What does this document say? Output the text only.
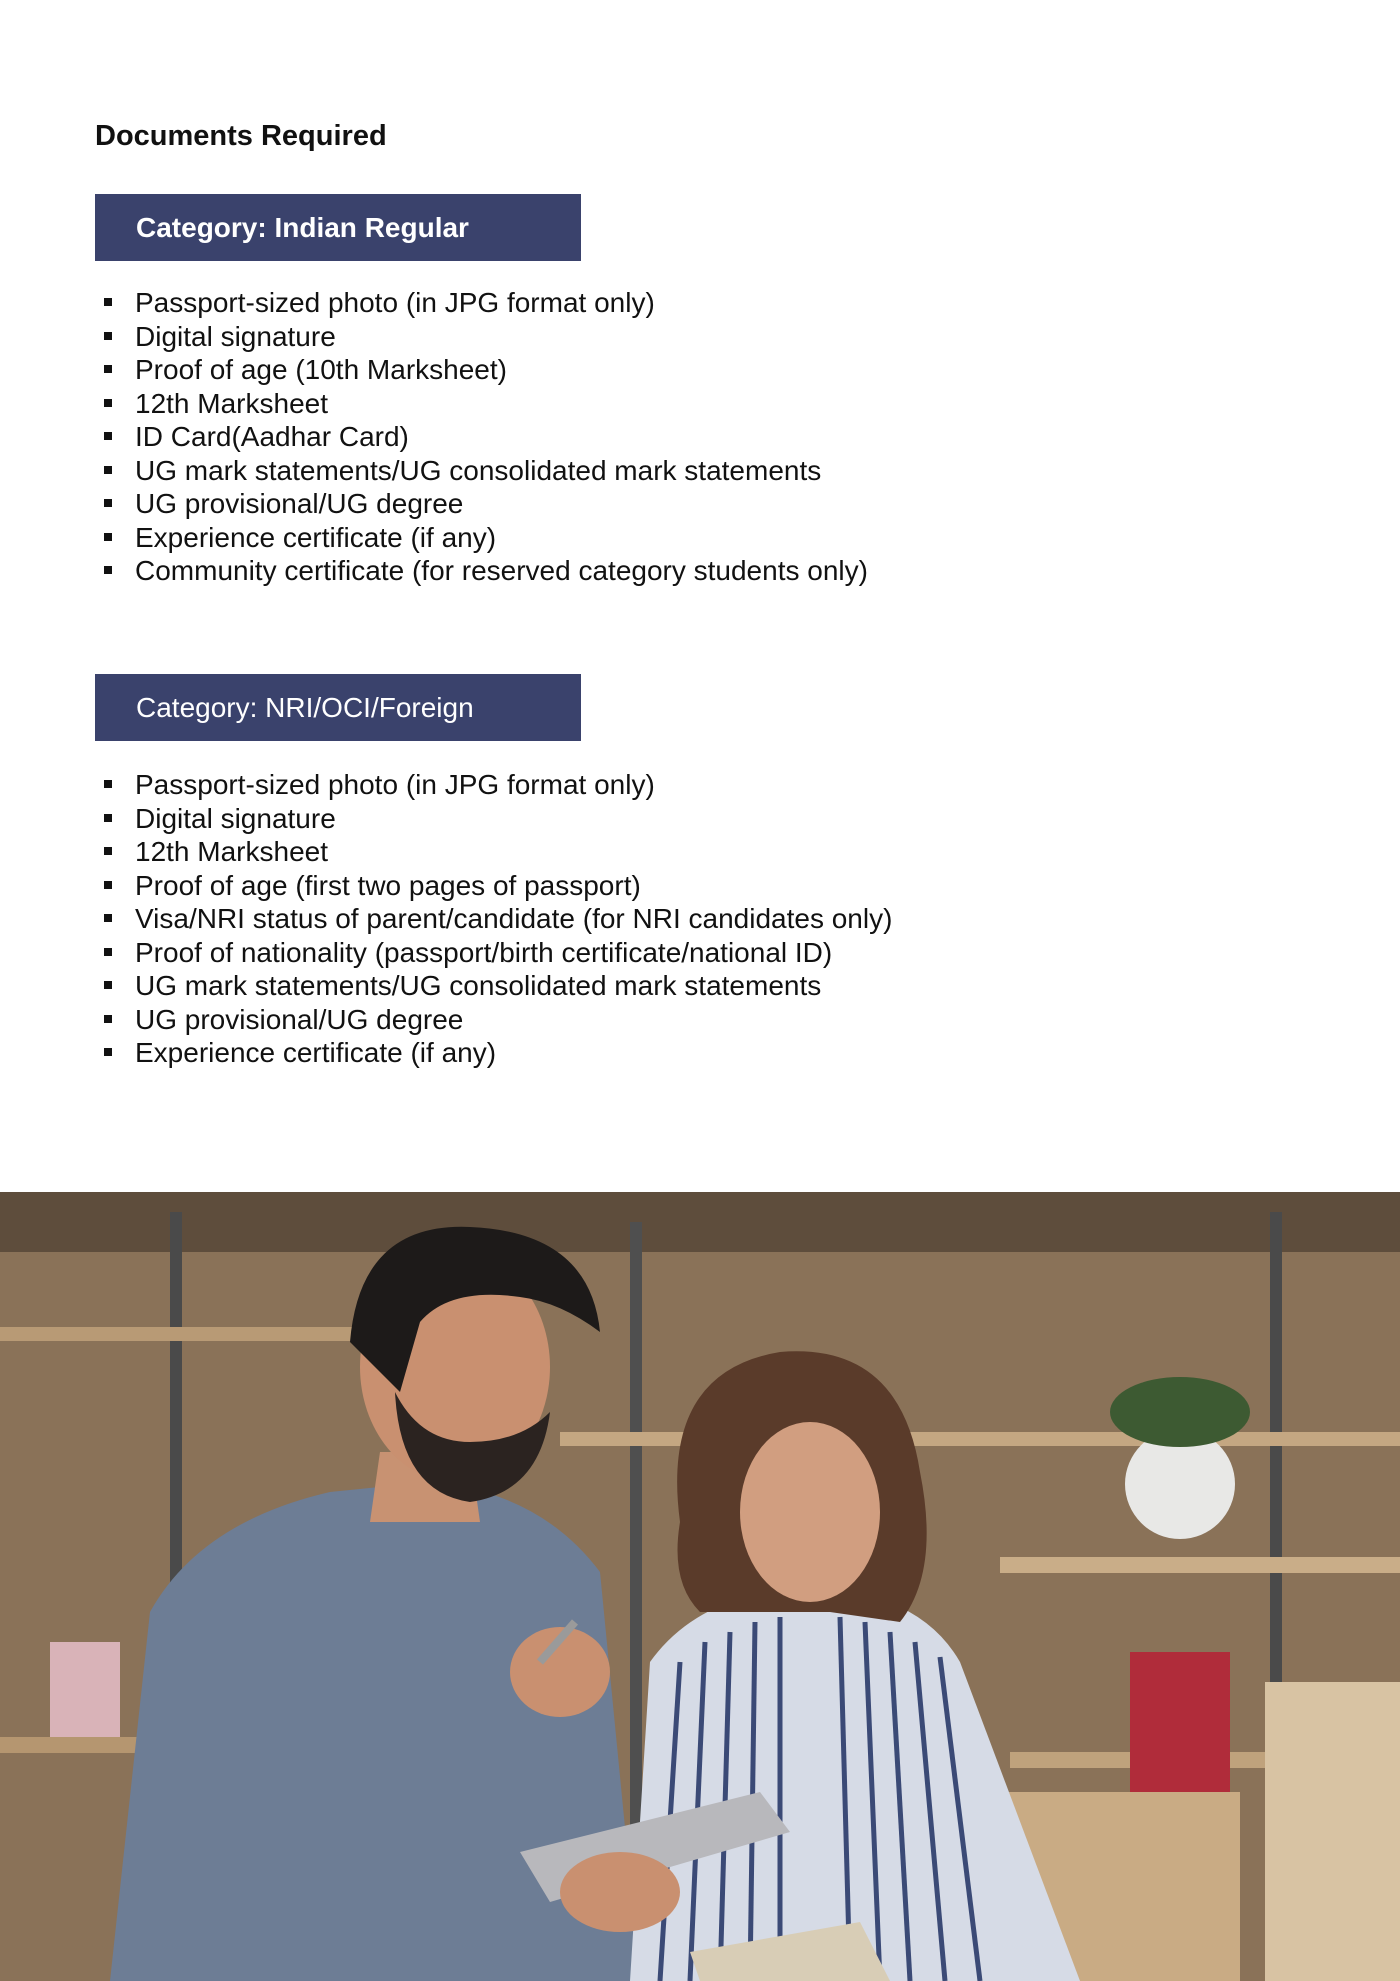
Documents Required
Category: Indian Regular
Passport-sized photo (in JPG format only)
Digital signature
Proof of age (10th Marksheet)
12th Marksheet
ID Card(Aadhar Card)
UG mark statements/UG consolidated mark statements
UG provisional/UG degree
Experience certificate (if any)
Community certificate (for reserved category students only)
Category: NRI/OCI/Foreign
Passport-sized photo (in JPG format only)
Digital signature
12th Marksheet
Proof of age (first two pages of passport)
Visa/NRI status of parent/candidate (for NRI candidates only)
Proof of nationality (passport/birth certificate/national ID)
UG mark statements/UG consolidated mark statements
UG provisional/UG degree
Experience certificate (if any)
